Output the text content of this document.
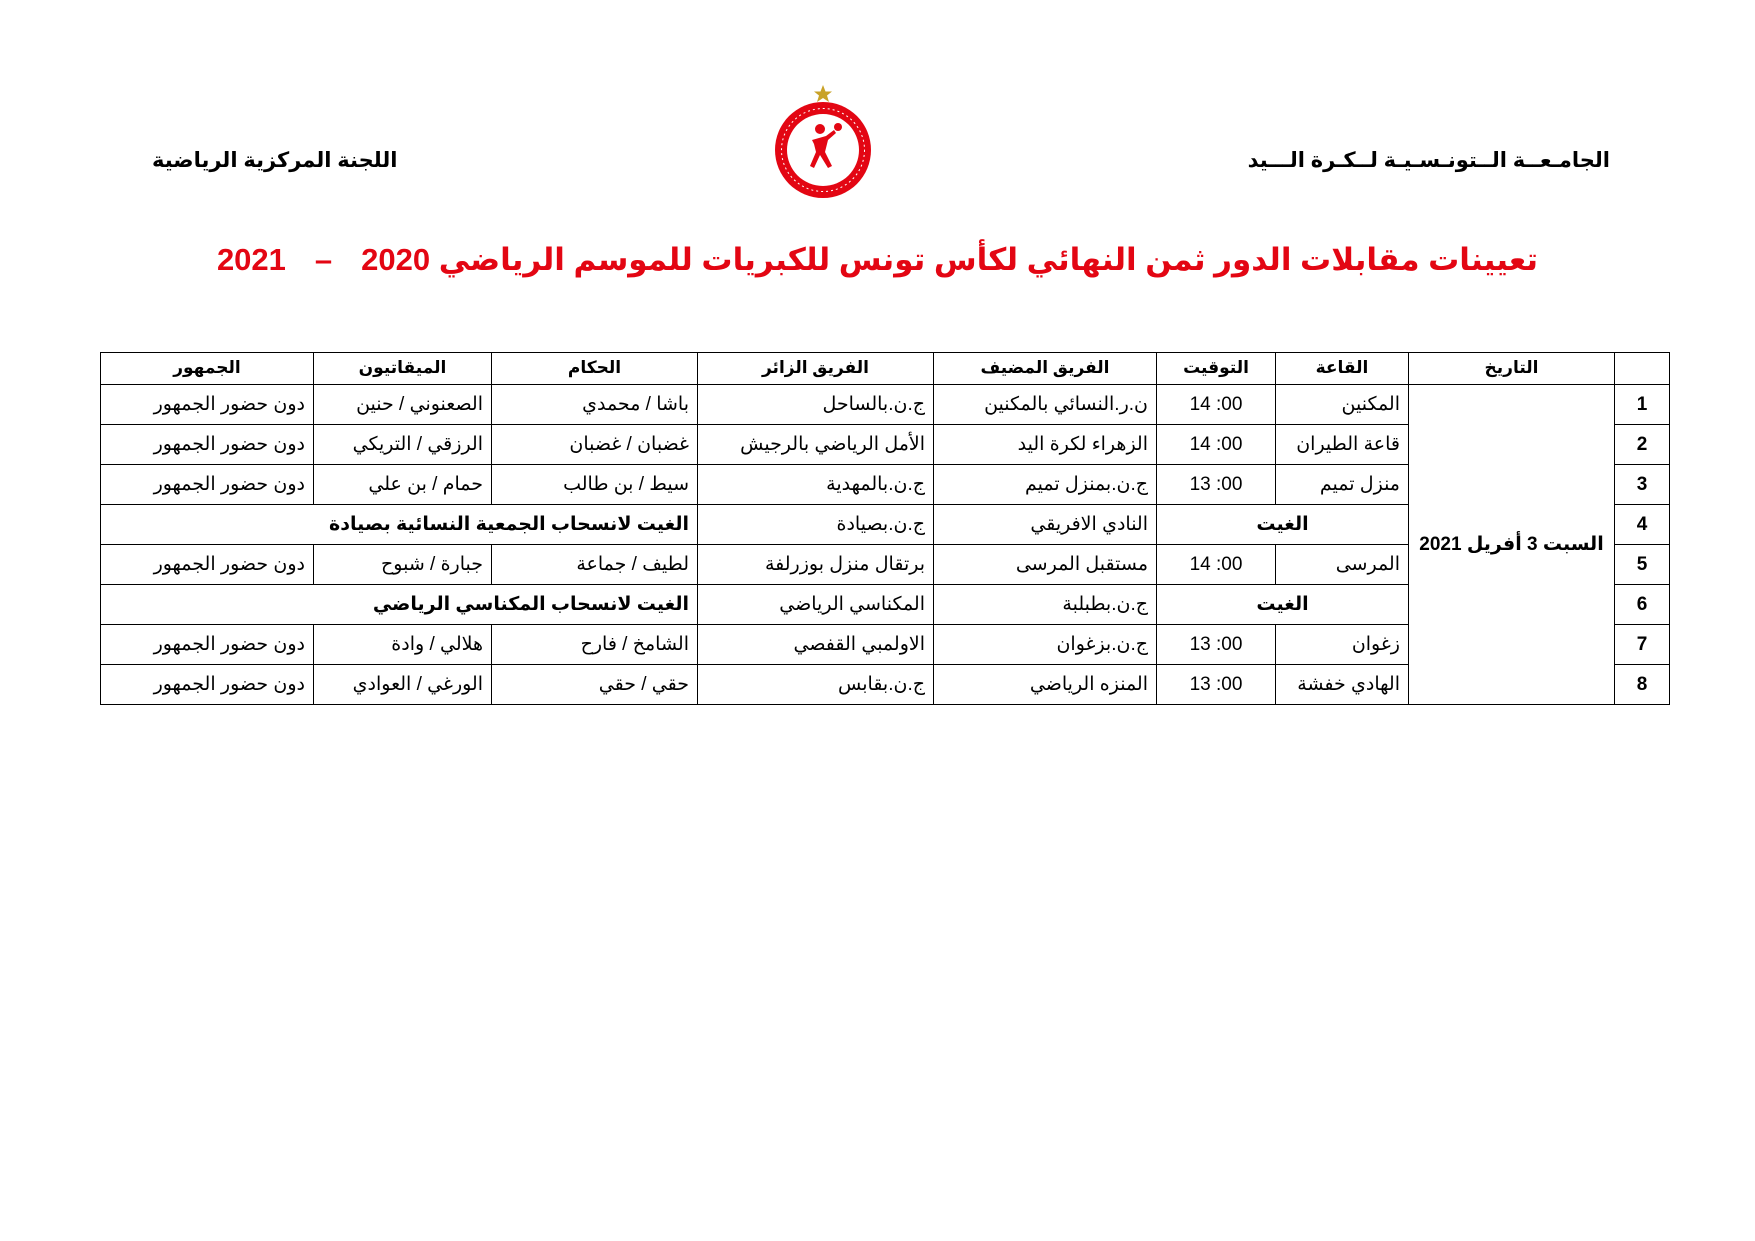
الجامـعــة الــتونـسـيـة لــكـرة الـــيد
اللجنة المركزية الرياضية
تعيينات مقابلات الدور ثمن النهائي لكأس تونس للكبريات للموسم الرياضي 2020 – 2021
	التاريخ	القاعة	التوقيت	الفريق المضيف	الفريق الزائر	الحكام	الميقاتيون	الجمهور
1	السبت 3 أفريل 2021	المكنين	14 :00	ن.ر.النسائي بالمكنين	ج.ن.بالساحل	باشا / محمدي	الصعنوني / حنين	دون حضور الجمهور
2		قاعة الطيران	14 :00	الزهراء لكرة اليد	الأمل الرياضي بالرجيش	غضبان / غضبان	الرزقي / التريكي	دون حضور الجمهور
3		منزل تميم	13 :00	ج.ن.بمنزل تميم	ج.ن.بالمهدية	سيط / بن طالب	حمام / بن علي	دون حضور الجمهور
4		الغيت		النادي الافريقي	ج.ن.بصيادة	الغيت لانسحاب الجمعية النسائية بصيادة		
5		المرسى	14 :00	مستقبل المرسى	برتقال منزل بوزرلفة	لطيف / جماعة	جبارة / شبوح	دون حضور الجمهور
6		الغيت		ج.ن.بطبلبة	المكناسي الرياضي	الغيت لانسحاب المكناسي الرياضي		
7		زغوان	13 :00	ج.ن.بزغوان	الاولمبي القفصي	الشامخ / فارح	هلالي / وادة	دون حضور الجمهور
8		الهادي خفشة	13 :00	المنزه الرياضي	ج.ن.بقابس	حقي / حقي	الورغي / العوادي	دون حضور الجمهور
